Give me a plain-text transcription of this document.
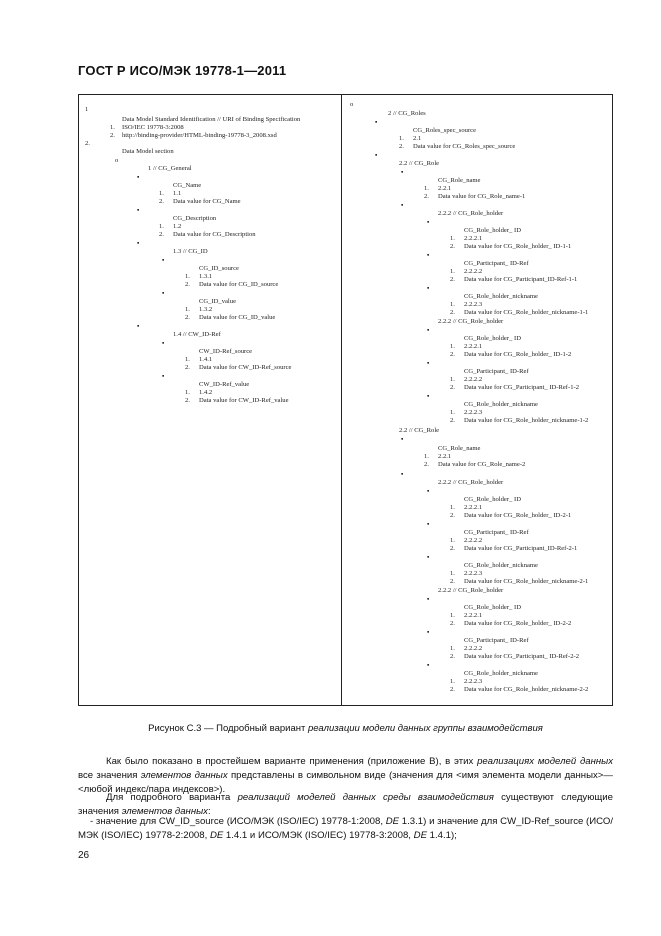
ГОСТ Р ИСО/МЭК 19778-1—2011
1
Data Model Standard Identification // URI of Binding Specification
1. ISO/IEC 19778-3:2008
2. http://binding-provider/HTML-binding-19778-3_2008.xsd
2.
Data Model section
o
1 // CG_General
▪
CG_Name
1. 1.1
2. Data value for CG_Name
▪
CG_Description
1. 1.2
2. Data value for CG_Description
▪
1.3 // CG_ID
▪
CG_ID_source
1. 1.3.1
2. Data value for CG_ID_source
▪
CG_ID_value
1. 1.3.2
2. Data value for CG_ID_value
▪
1.4 // CW_ID-Ref
▪
CW_ID-Ref_source
1. 1.4.1
2. Data value for CW_ID-Ref_source
▪
CW_ID-Ref_value
1. 1.4.2
2. Data value for CW_ID-Ref_value
o
2 // CG_Roles
▪
CG_Roles_spec_source
1. 2.1
2. Data value for CG_Roles_spec_source
▪
2.2 // CG_Role
▪
CG_Role_name
1. 2.2.1
2. Data value for CG_Role_name-1
▪
2.2.2 // CG_Role_holder
▪
CG_Role_holder_ ID
1. 2.2.2.1
2. Data value for CG_Role_holder_ ID-1-1
▪
CG_Participant_ ID-Ref
1. 2.2.2.2
2. Data value for CG_Participant_ID-Ref-1-1
▪
CG_Role_holder_nickname
1. 2.2.2.3
2. Data value for CG_Role_holder_nickname-1-1
2.2.2 // CG_Role_holder
▪
CG_Role_holder_ ID
1. 2.2.2.1
2. Data value for CG_Role_holder_ ID-1-2
▪
CG_Participant_ ID-Ref
1. 2.2.2.2
2. Data value for CG_Participant_ ID-Ref-1-2
▪
CG_Role_holder_nickname
1. 2.2.2.3
2. Data value for CG_Role_holder_nickname-1-2
2.2 // CG_Role
▪
CG_Role_name
1. 2.2.1
2. Data value for CG_Role_name-2
▪
2.2.2 // CG_Role_holder
▪
CG_Role_holder_ ID
1. 2.2.2.1
2. Data value for CG_Role_holder_ ID-2-1
▪
CG_Participant_ ID-Ref
1. 2.2.2.2
2. Data value for CG_Participant_ID-Ref-2-1
▪
CG_Role_holder_nickname
1. 2.2.2.3
2. Data value for CG_Role_holder_nickname-2-1
2.2.2 // CG_Role_holder
▪
CG_Role_holder_ ID
1. 2.2.2.1
2. Data value for CG_Role_holder_ ID-2-2
▪
CG_Participant_ ID-Ref
1. 2.2.2.2
2. Data value for CG_Participant_ ID-Ref-2-2
▪
CG_Role_holder_nickname
1. 2.2.2.3
2. Data value for CG_Role_holder_nickname-2-2
Рисунок С.3 — Подробный вариант реализации модели данных группы взаимодействия
Как было показано в простейшем варианте применения (приложение В), в этих реализациях моделей данных все значения элементов данных представлены в символьном виде (значения для <имя элемента модели данных>—<любой индекс/пара индексов>).
Для подробного варианта реализаций моделей данных среды взаимодействия существуют следующие значения элементов данных:
- значение для CW_ID_source (ИСО/МЭК (ISO/IEC) 19778-1:2008, DE 1.3.1) и значение для CW_ID-Ref_source (ИСО/МЭК (ISO/IEC) 19778-2:2008, DE 1.4.1 и ИСО/МЭК (ISO/IEC) 19778-3:2008, DE 1.4.1);
26
